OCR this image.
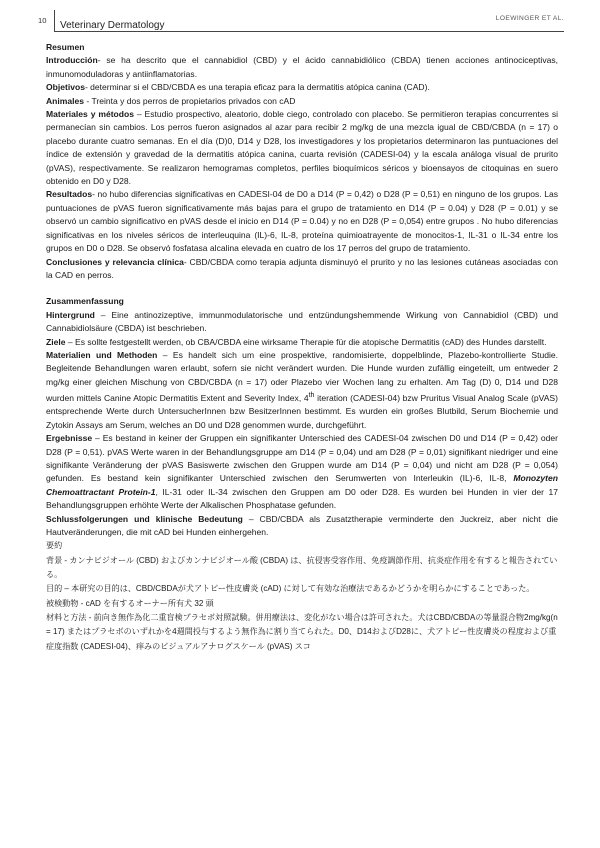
10 Veterinary Dermatology
LOEWINGER ET AL.

Resumen

Introducción- se ha descrito que el cannabidiol (CBD) y el ácido cannabidiólico (CBDA) tienen acciones antinociceptivas, inmunomoduladoras y antiinflamatorias.

Objetivos- determinar si el CBD/CBDA es una terapia eficaz para la dermatitis atópica canina (CAD).

Animales - Treinta y dos perros de propietarios privados con cAD

Materiales y métodos – Estudio prospectivo, aleatorio, doble ciego, controlado con placebo. Se permitieron terapias concurrentes si permanecían sin cambios. Los perros fueron asignados al azar para recibir 2 mg/kg de una mezcla igual de CBD/CBDA (n = 17) o placebo durante cuatro semanas. En el día (D)0, D14 y D28, los investigadores y los propietarios determinaron las puntuaciones del índice de extensión y gravedad de la dermatitis atópica canina, cuarta revisión (CADESI-04) y la escala análoga visual de prurito (pVAS), respectivamente. Se realizaron hemogramas completos, perfiles bioquímicos séricos y bioensayos de citoquinas en suero obtenido en D0 y D28.

Resultados- no hubo diferencias significativas en CADESI-04 de D0 a D14 (P = 0,42) o D28 (P = 0,51) en ninguno de los grupos. Las puntuaciones de pVAS fueron significativamente más bajas para el grupo de tratamiento en D14 (P = 0.04) y D28 (P = 0.01) y se observó un cambio significativo en pVAS desde el inicio en D14 (P = 0.04) y no en D28 (P = 0,054) entre grupos . No hubo diferencias significativas en los niveles séricos de interleuquina (IL)-6, IL-8, proteína quimioatrayente de monocitos-1, IL-31 o IL-34 entre los grupos en D0 o D28. Se observó fosfatasa alcalina elevada en cuatro de los 17 perros del grupo de tratamiento.

Conclusiones y relevancia clínica- CBD/CBDA como terapia adjunta disminuyó el prurito y no las lesiones cutáneas asociadas con la CAD en perros.

Zusammenfassung

Hintergrund – Eine antinozizeptive, immunmodulatorische und entzündungshemmende Wirkung von Cannabidiol (CBD) und Cannabidiolsäure (CBDA) ist beschrieben.

Ziele – Es sollte festgestellt werden, ob CBA/CBDA eine wirksame Therapie für die atopische Dermatitis (cAD) des Hundes darstellt.

Materialien und Methoden – Es handelt sich um eine prospektive, randomisierte, doppelblinde, Plazebo-kontrollierte Studie. Begleitende Behandlungen waren erlaubt, sofern sie nicht verändert wurden. Die Hunde wurden zufällig eingeteilt, um entweder 2 mg/kg einer gleichen Mischung von CBD/CBDA (n = 17) oder Plazebo vier Wochen lang zu erhalten. Am Tag (D) 0, D14 und D28 wurden mittels Canine Atopic Dermatitis Extent and Severity Index, 4th iteration (CADESI-04) bzw Pruritus Visual Analog Scale (pVAS) entsprechende Werte durch UntersucherInnen bzw BesitzerInnen bestimmt. Es wurden ein großes Blutbild, Serum Biochemie und Zytokin Assays am Serum, welches an D0 und D28 genommen wurde, durchgeführt.

Ergebnisse – Es bestand in keiner der Gruppen ein signifikanter Unterschied des CADESI-04 zwischen D0 und D14 (P = 0,42) oder D28 (P = 0,51). pVAS Werte waren in der Behandlungsgruppe am D14 (P = 0,04) und am D28 (P = 0,01) signifikant niedriger und eine signifikante Veränderung der pVAS Basiswerte zwischen den Gruppen wurde am D14 (P = 0,04) und nicht am D28 (P = 0,054) gefunden. Es bestand kein signifikanter Unterschied zwischen den Serumwerten von Interleukin (IL)-6, IL-8, Monozyten Chemoattractant Protein-1, IL-31 oder IL-34 zwischen den Gruppen am D0 oder D28. Es wurden bei Hunden in vier der 17 Behandlungsgruppen erhöhte Werte der Alkalischen Phosphatase gefunden.

Schlussfolgerungen und klinische Bedeutung – CBD/CBDA als Zusatztherapie verminderte den Juckreiz, aber nicht die Hautveränderungen, die mit cAD bei Hunden einhergehen.

要約

背景 - カンナビジオール (CBD) およびカンナビジオール酸 (CBDA) は、抗侵害受容作用、免疫調節作用、抗炎症作用を有すると報告されている。

目的 – 本研究の目的は、CBD/CBDAが犬アトピー性皮膚炎 (cAD) に対して有効な治療法であるかどうかを明らかにすることであった。

被検動物 - cAD を有するオーナー所有犬 32 頭

材料と方法 - 前向き無作為化二重盲検プラセボ対照試験。併用療法は、変化がない場合は許可された。犬はCBD/CBDAの等量混合物2mg/kg(n = 17) またはプラセボのいずれかを4週間投与するよう無作為に割り当てられた。D0、D14およびD28に、犬アトピー性皮膚炎の程度および重症度指数 (CADESI-04)、痒みのビジュアルアナログスケール (pVAS) スコ
